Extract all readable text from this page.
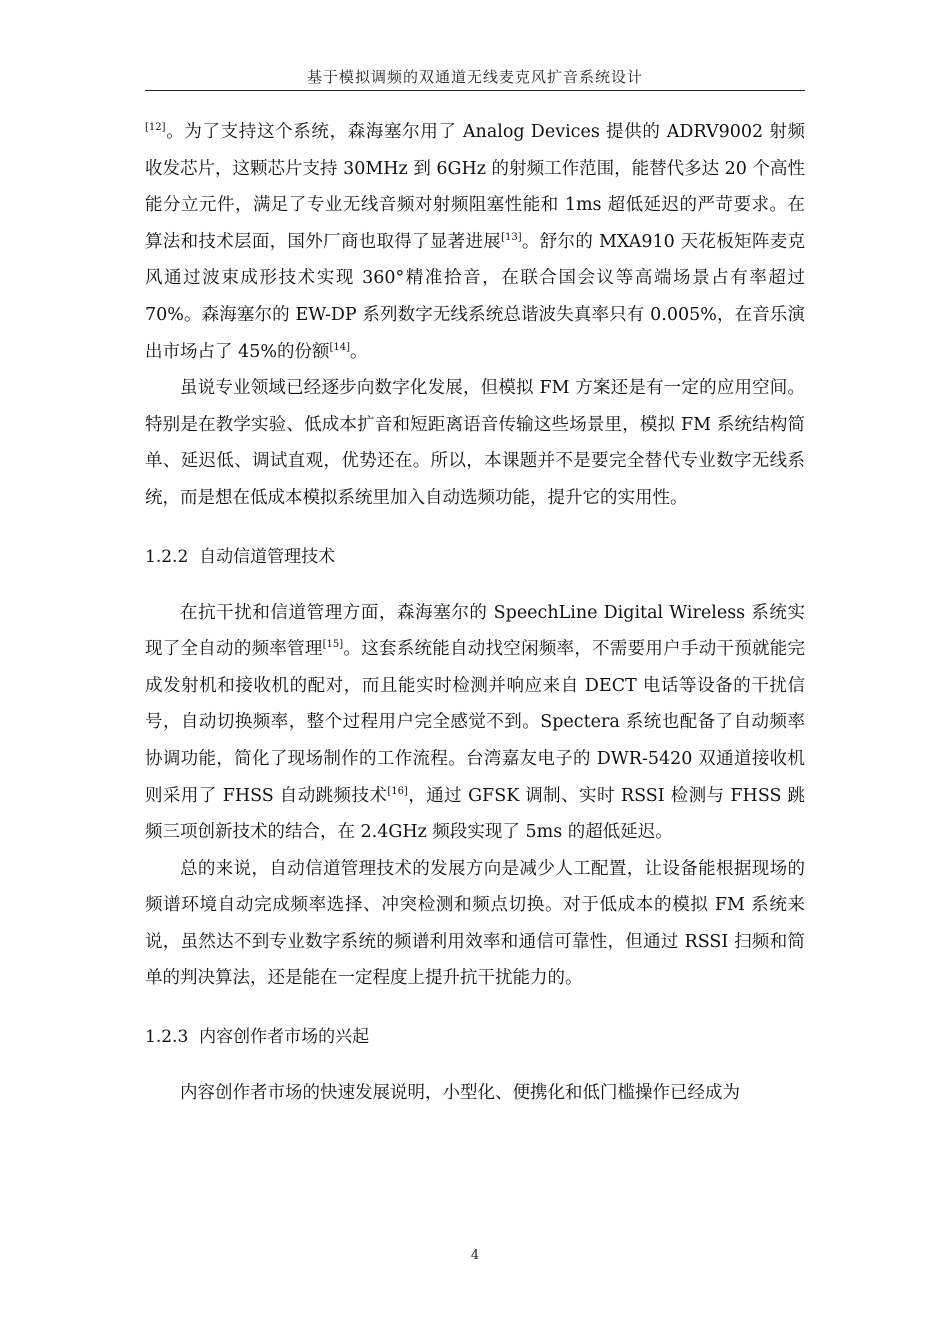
基于模拟调频的双通道无线麦克风扩音系统设计

[12]。为了支持这个系统，森海塞尔用了 Analog Devices 提供的 ADRV9002 射频收发芯片，这颗芯片支持 30MHz 到 6GHz 的射频工作范围，能替代多达 20 个高性能分立元件，满足了专业无线音频对射频阻塞性能和 1ms 超低延迟的严苛要求。在算法和技术层面，国外厂商也取得了显著进展[13]。舒尔的 MXA910 天花板矩阵麦克风通过波束成形技术实现 360°精准拾音，在联合国会议等高端场景占有率超过 70%。森海塞尔的 EW-DP 系列数字无线系统总谐波失真率只有 0.005%，在音乐演出市场占了 45%的份额[14]。

虽说专业领域已经逐步向数字化发展，但模拟 FM 方案还是有一定的应用空间。特别是在教学实验、低成本扩音和短距离语音传输这些场景里，模拟 FM 系统结构简单、延迟低、调试直观，优势还在。所以，本课题并不是要完全替代专业数字无线系统，而是想在低成本模拟系统里加入自动选频功能，提升它的实用性。

1.2.2 自动信道管理技术

在抗干扰和信道管理方面，森海塞尔的 SpeechLine Digital Wireless 系统实现了全自动的频率管理[15]。这套系统能自动找空闲频率，不需要用户手动干预就能完成发射机和接收机的配对，而且能实时检测并响应来自 DECT 电话等设备的干扰信号，自动切换频率，整个过程用户完全感觉不到。Spectera 系统也配备了自动频率协调功能，简化了现场制作的工作流程。台湾嘉友电子的 DWR-5420 双通道接收机则采用了 FHSS 自动跳频技术[16]，通过 GFSK 调制、实时 RSSI 检测与 FHSS 跳频三项创新技术的结合，在 2.4GHz 频段实现了 5ms 的超低延迟。

总的来说，自动信道管理技术的发展方向是减少人工配置，让设备能根据现场的频谱环境自动完成频率选择、冲突检测和频点切换。对于低成本的模拟 FM 系统来说，虽然达不到专业数字系统的频谱利用效率和通信可靠性，但通过 RSSI 扫频和简单的判决算法，还是能在一定程度上提升抗干扰能力的。

1.2.3 内容创作者市场的兴起

内容创作者市场的快速发展说明，小型化、便携化和低门槛操作已经成为

4
